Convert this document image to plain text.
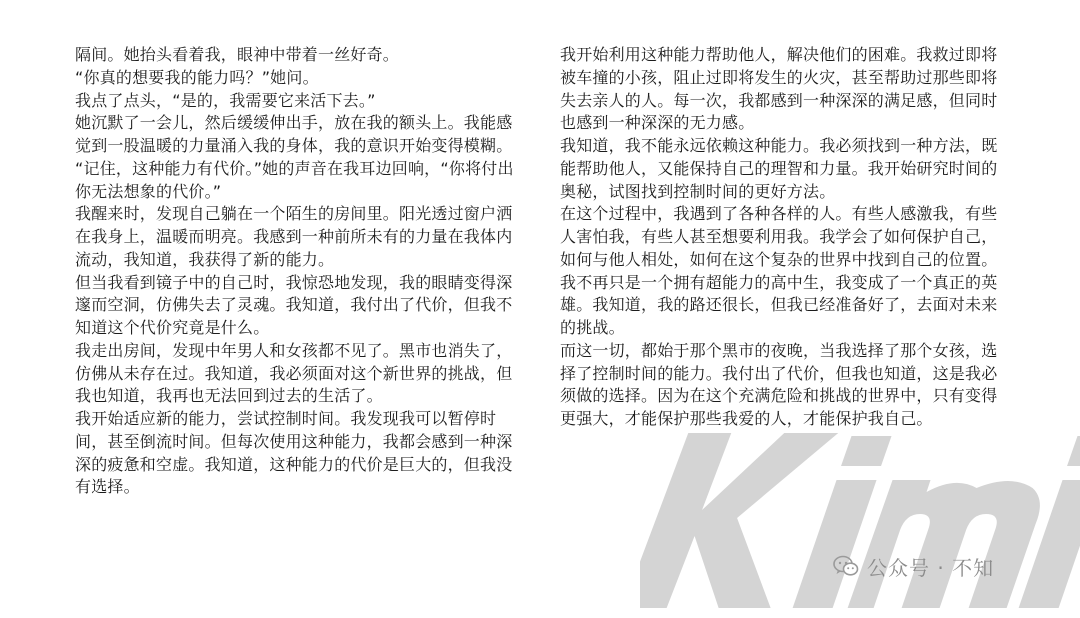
隔间。她抬头看着我，眼神中带着一丝好奇。

“你真的想要我的能力吗？”她问。

我点了点头，“是的，我需要它来活下去。”

她沉默了一会儿，然后缓缓伸出手，放在我的额头上。我能感觉到一股温暖的力量涌入我的身体，我的意识开始变得模糊。

“记住，这种能力有代价。”她的声音在我耳边回响，“你将付出你无法想象的代价。”

我醒来时，发现自己躺在一个陌生的房间里。阳光透过窗户洒在我身上，温暖而明亮。我感到一种前所未有的力量在我体内流动，我知道，我获得了新的能力。

但当我看到镜子中的自己时，我惊恐地发现，我的眼睛变得深邃而空洞，仿佛失去了灵魂。我知道，我付出了代价，但我不知道这个代价究竟是什么。

我走出房间，发现中年男人和女孩都不见了。黑市也消失了，仿佛从未存在过。我知道，我必须面对这个新世界的挑战，但我也知道，我再也无法回到过去的生活了。

我开始适应新的能力，尝试控制时间。我发现我可以暂停时间，甚至倒流时间。但每次使用这种能力，我都会感到一种深深的疲惫和空虚。我知道，这种能力的代价是巨大的，但我没有选择。

我开始利用这种能力帮助他人，解决他们的困难。我救过即将被车撞的小孩，阻止过即将发生的火灾，甚至帮助过那些即将失去亲人的人。每一次，我都感到一种深深的满足感，但同时也感到一种深深的无力感。

我知道，我不能永远依赖这种能力。我必须找到一种方法，既能帮助他人，又能保持自己的理智和力量。我开始研究时间的奥秘，试图找到控制时间的更好方法。

在这个过程中，我遇到了各种各样的人。有些人感激我，有些人害怕我，有些人甚至想要利用我。我学会了如何保护自己，如何与他人相处，如何在这个复杂的世界中找到自己的位置。

我不再只是一个拥有超能力的高中生，我变成了一个真正的英雄。我知道，我的路还很长，但我已经准备好了，去面对未来的挑战。

而这一切，都始于那个黑市的夜晚，当我选择了那个女孩，选择了控制时间的能力。我付出了代价，但我也知道，这是我必须做的选择。因为在这个充满危险和挑战的世界中，只有变得更强大，才能保护那些我爱的人，才能保护我自己。

公众号 · 不知
